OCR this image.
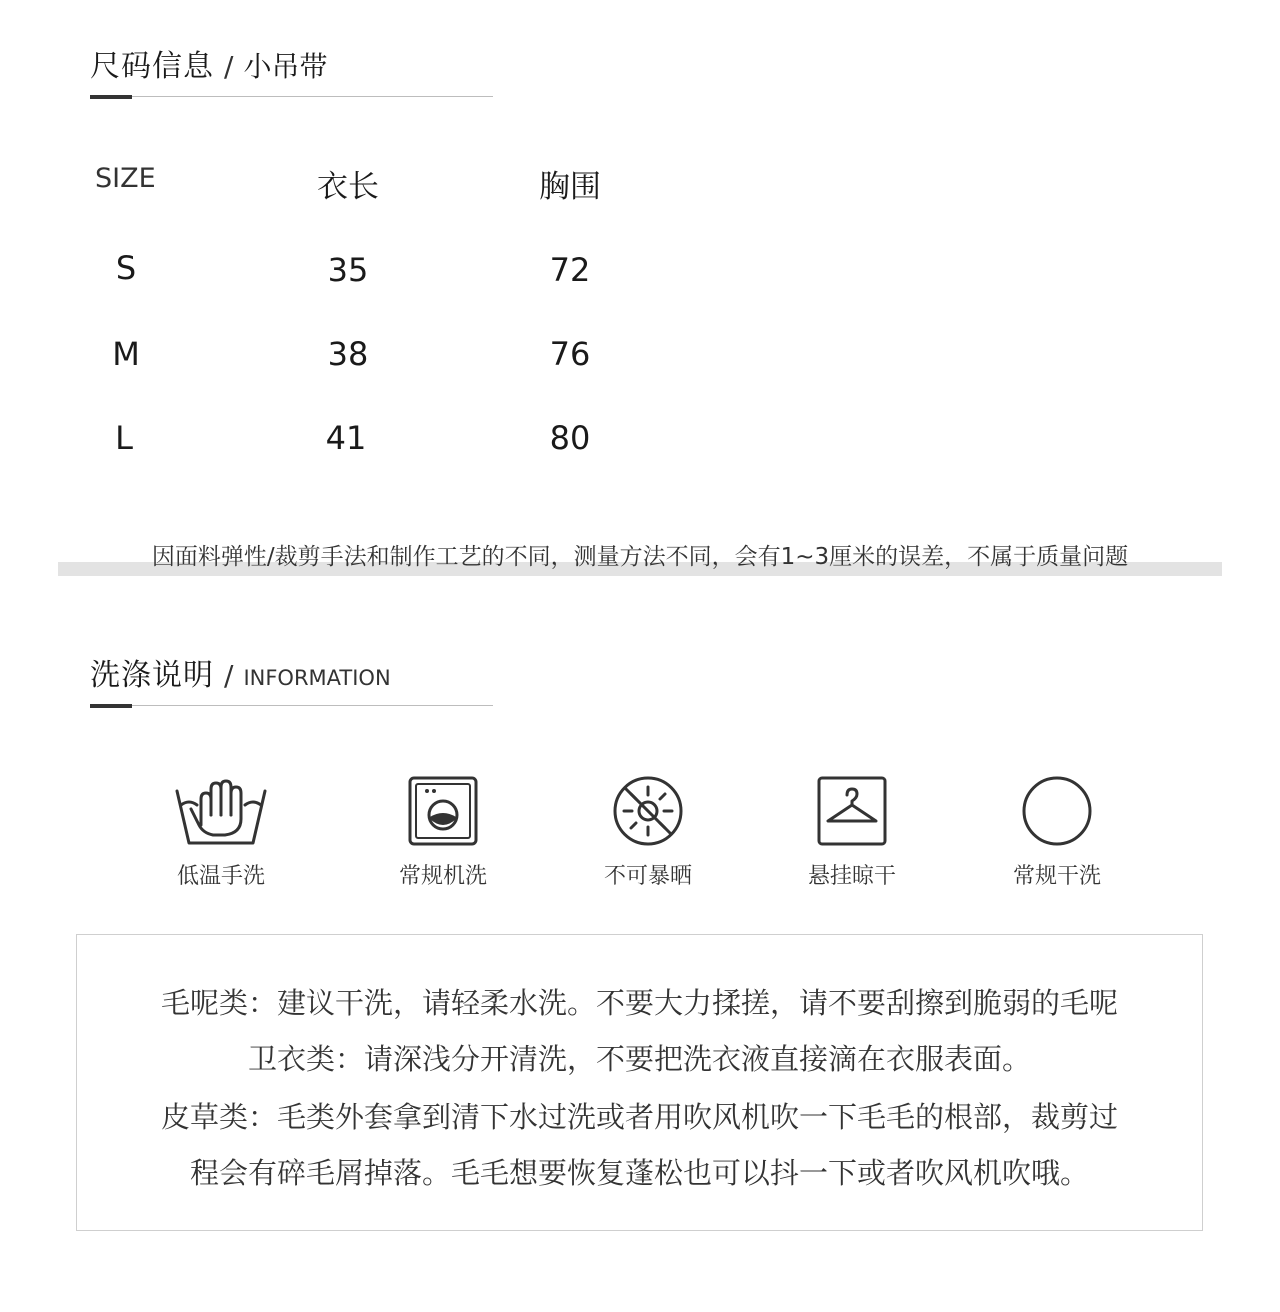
尺码信息 / 小吊带
SIZE	衣长	胸围
S	35	72
M	38	76
L	41	80
因面料弹性/裁剪手法和制作工艺的不同，测量方法不同，会有1~3厘米的误差，不属于质量问题
洗涤说明 / INFORMATION
低温手洗	常规机洗	不可暴晒	悬挂晾干	常规干洗
毛呢类：建议干洗，请轻柔水洗。不要大力揉搓，请不要刮擦到脆弱的毛呢
卫衣类：请深浅分开清洗，不要把洗衣液直接滴在衣服表面。
皮草类：毛类外套拿到清下水过洗或者用吹风机吹一下毛毛的根部，裁剪过
程会有碎毛屑掉落。毛毛想要恢复蓬松也可以抖一下或者吹风机吹哦。
